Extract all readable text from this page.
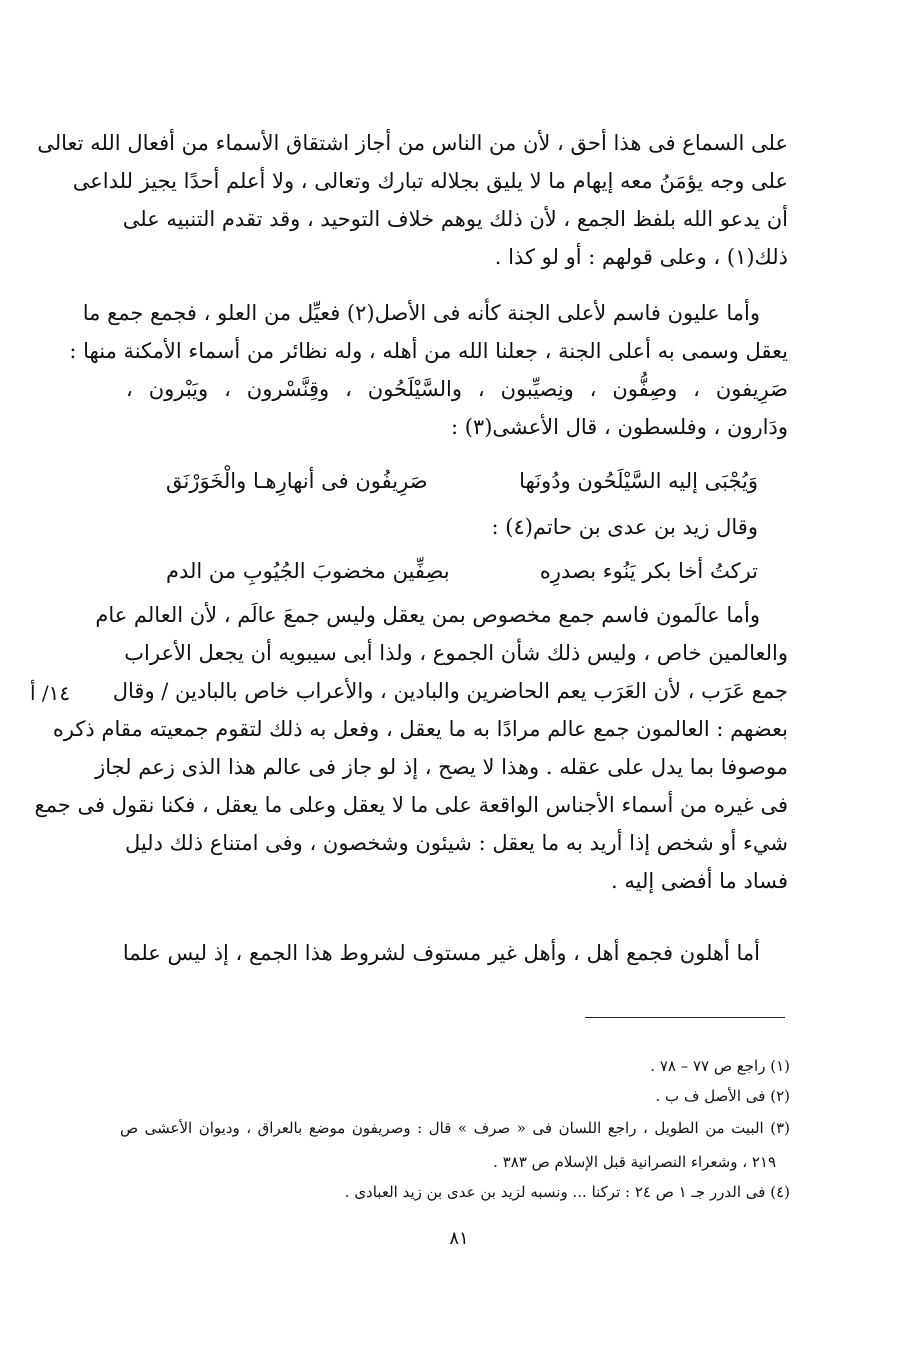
على السماع فى هذا أحق ، لأن من الناس من أجاز اشتقاق الأسماء من أفعال الله تعالى
على وجه يؤمَنُ معه إيهام ما لا يليق بجلاله تبارك وتعالى ، ولا أعلم أحدًا يجيز للداعى
أن يدعو الله بلفظ الجمع ، لأن ذلك يوهم خلاف التوحيد ، وقد تقدم التنبيه على
ذلك(١) ، وعلى قولهم : أو لو كذا .
وأما عليون فاسم لأعلى الجنة كأنه فى الأصل(٢) فعيِّل من العلو ، فجمع جمع ما
يعقل وسمى به أعلى الجنة ، جعلنا الله من أهله ، وله نظائر من أسماء الأمكنة منها :
صَرِيفون ، وصِفُّون ، ونِصيِّبون ، والسَّيْلَحُون ، وقِنَّسْرون ، ويَبْرون ،
ودَارون ، وفلسطون ، قال الأعشى(٣) :
وَيُجْبَى إليه السَّيْلَحُون ودُونَها
صَرِيفُون فى أنهارِهـا والْخَوَرْنَق
وقال زيد بن عدى بن حاتم(٤) :
تركتُ أخا بكر يَنُوء بصدرِه
بصِفِّين مخضوبَ الجُيُوبِ من الدم
وأما عالَمون فاسم جمع مخصوص بمن يعقل وليس جمعَ عالَم ، لأن العالم عام
والعالمين خاص ، وليس ذلك شأن الجموع ، ولذا أبى سيبويه أن يجعل الأعراب
جمع عَرَب ، لأن العَرَب يعم الحاضرين والبادين ، والأعراب خاص بالبادين / وقال
بعضهم : العالمون جمع عالم مرادًا به ما يعقل ، وفعل به ذلك لتقوم جمعيته مقام ذكره
موصوفا بما يدل على عقله . وهذا لا يصح ، إذ لو جاز فى عالم هذا الذى زعم لجاز
فى غيره من أسماء الأجناس الواقعة على ما لا يعقل وعلى ما يعقل ، فكنا نقول فى جمع
شيء أو شخص إذا أريد به ما يعقل : شيئون وشخصون ، وفى امتناع ذلك دليل
فساد ما أفضى إليه .
أما أهلون فجمع أهل ، وأهل غير مستوف لشروط هذا الجمع ، إذ ليس علما
١٤/ أ
(١) راجع ص ٧٧ – ٧٨ .
(٢) فى الأصل ف ب .
(٣) البيت من الطويل ، راجع اللسان فى « صرف » قال : وصريفون موضع بالعراق ، وديوان الأعشى ص
٢١٩ ، وشعراء النصرانية قبل الإسلام ص ٣٨٣ .
(٤) فى الدرر جـ ١ ص ٢٤ : تركنا ... ونسبه لزيد بن عدى بن زيد العبادى .
٨١
